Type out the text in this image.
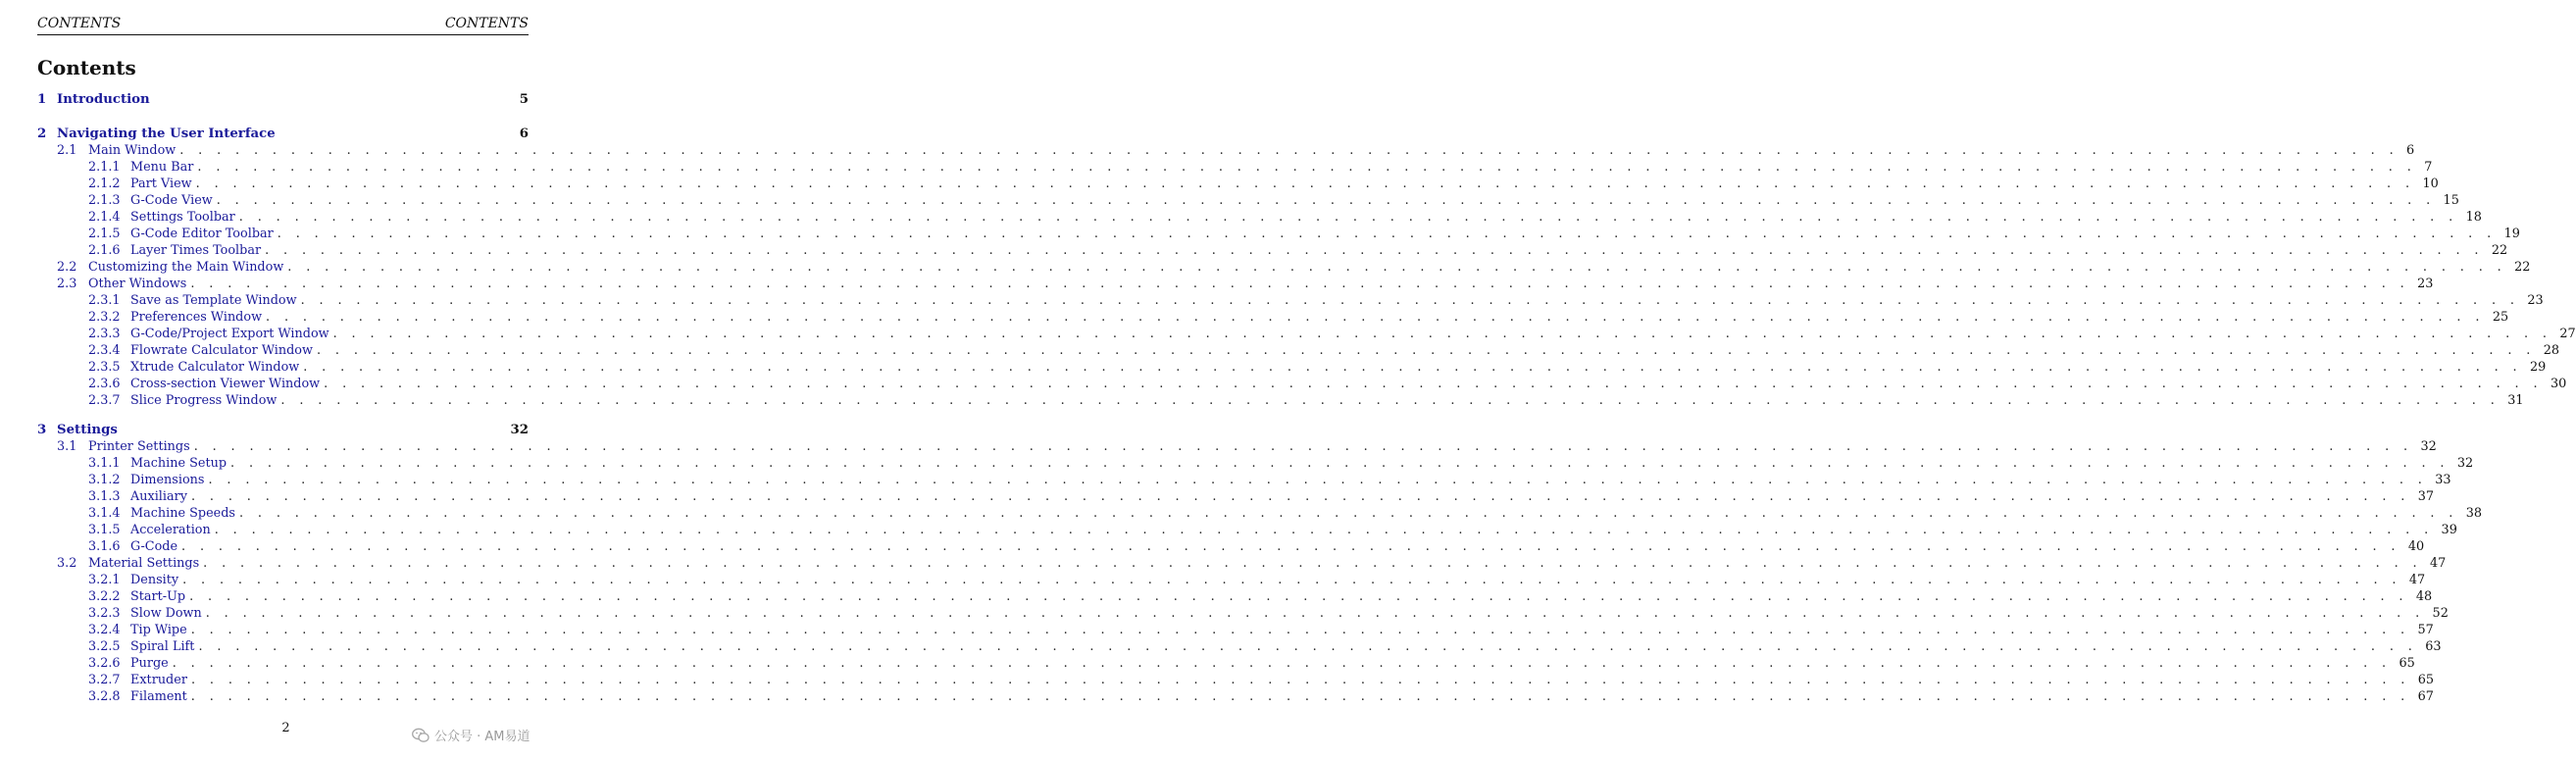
CONTENTS	CONTENTS
Contents
1 Introduction	5
2 Navigating the User Interface	6
2.1 Main Window . . . . . . . . . . . . . . . . . . . . . . . . . . . . . . . . . . . . . . . . . . . . . . . . . . . . . . . . . . . . . . . . . . . . . . . . . . . . . . . . . . . . . . . . . . . . . . . . . . . . . . . . . . . . . . . . . . . . . . . . 6
2.1.1 Menu Bar . . . . . . . . . . . . . . . . . . . . . . . . . . . . . . . . . . . . . . . . . . . . . . . . . . . . . . . . . . . . . . . . . . . . . . . . . . . . . . . . . . . . . . . . . . . . . . . . . . . . . . . . . . . . . . . . . . . . . . . . 7
2.1.2 Part View . . . . . . . . . . . . . . . . . . . . . . . . . . . . . . . . . . . . . . . . . . . . . . . . . . . . . . . . . . . . . . . . . . . . . . . . . . . . . . . . . . . . . . . . . . . . . . . . . . . . . . . . . . . . . . . . . . . . . . . . 10
2.1.3 G-Code View . . . . . . . . . . . . . . . . . . . . . . . . . . . . . . . . . . . . . . . . . . . . . . . . . . . . . . . . . . . . . . . . . . . . . . . . . . . . . . . . . . . . . . . . . . . . . . . . . . . . . . . . . . . . . . . . . . . . . . . . 15
2.1.4 Settings Toolbar . . . . . . . . . . . . . . . . . . . . . . . . . . . . . . . . . . . . . . . . . . . . . . . . . . . . . . . . . . . . . . . . . . . . . . . . . . . . . . . . . . . . . . . . . . . . . . . . . . . . . . . . . . . . . . . . . . . . . . . . 18
2.1.5 G-Code Editor Toolbar . . . . . . . . . . . . . . . . . . . . . . . . . . . . . . . . . . . . . . . . . . . . . . . . . . . . . . . . . . . . . . . . . . . . . . . . . . . . . . . . . . . . . . . . . . . . . . . . . . . . . . . . . . . . . . . . . . . . . . . . 19
2.1.6 Layer Times Toolbar . . . . . . . . . . . . . . . . . . . . . . . . . . . . . . . . . . . . . . . . . . . . . . . . . . . . . . . . . . . . . . . . . . . . . . . . . . . . . . . . . . . . . . . . . . . . . . . . . . . . . . . . . . . . . . . . . . . . . . . . 22
2.2 Customizing the Main Window . . . . . . . . . . . . . . . . . . . . . . . . . . . . . . . . . . . . . . . . . . . . . . . . . . . . . . . . . . . . . . . . . . . . . . . . . . . . . . . . . . . . . . . . . . . . . . . . . . . . . . . . . . . . . . . . . . . . . . . . 22
2.3 Other Windows . . . . . . . . . . . . . . . . . . . . . . . . . . . . . . . . . . . . . . . . . . . . . . . . . . . . . . . . . . . . . . . . . . . . . . . . . . . . . . . . . . . . . . . . . . . . . . . . . . . . . . . . . . . . . . . . . . . . . . . . 23
2.3.1 Save as Template Window . . . . . . . . . . . . . . . . . . . . . . . . . . . . . . . . . . . . . . . . . . . . . . . . . . . . . . . . . . . . . . . . . . . . . . . . . . . . . . . . . . . . . . . . . . . . . . . . . . . . . . . . . . . . . . . . . . . . . . . . 23
2.3.2 Preferences Window . . . . . . . . . . . . . . . . . . . . . . . . . . . . . . . . . . . . . . . . . . . . . . . . . . . . . . . . . . . . . . . . . . . . . . . . . . . . . . . . . . . . . . . . . . . . . . . . . . . . . . . . . . . . . . . . . . . . . . . . 25
2.3.3 G-Code/Project Export Window . . . . . . . . . . . . . . . . . . . . . . . . . . . . . . . . . . . . . . . . . . . . . . . . . . . . . . . . . . . . . . . . . . . . . . . . . . . . . . . . . . . . . . . . . . . . . . . . . . . . . . . . . . . . . . . . . . . . . . . . 27
2.3.4 Flowrate Calculator Window . . . . . . . . . . . . . . . . . . . . . . . . . . . . . . . . . . . . . . . . . . . . . . . . . . . . . . . . . . . . . . . . . . . . . . . . . . . . . . . . . . . . . . . . . . . . . . . . . . . . . . . . . . . . . . . . . . . . . . . . 28
2.3.5 Xtrude Calculator Window . . . . . . . . . . . . . . . . . . . . . . . . . . . . . . . . . . . . . . . . . . . . . . . . . . . . . . . . . . . . . . . . . . . . . . . . . . . . . . . . . . . . . . . . . . . . . . . . . . . . . . . . . . . . . . . . . . . . . . . . 29
2.3.6 Cross-section Viewer Window . . . . . . . . . . . . . . . . . . . . . . . . . . . . . . . . . . . . . . . . . . . . . . . . . . . . . . . . . . . . . . . . . . . . . . . . . . . . . . . . . . . . . . . . . . . . . . . . . . . . . . . . . . . . . . . . . . . . . . . . 30
2.3.7 Slice Progress Window . . . . . . . . . . . . . . . . . . . . . . . . . . . . . . . . . . . . . . . . . . . . . . . . . . . . . . . . . . . . . . . . . . . . . . . . . . . . . . . . . . . . . . . . . . . . . . . . . . . . . . . . . . . . . . . . . . . . . . . . 31
3 Settings	32
3.1 Printer Settings . . . . . . . . . . . . . . . . . . . . . . . . . . . . . . . . . . . . . . . . . . . . . . . . . . . . . . . . . . . . . . . . . . . . . . . . . . . . . . . . . . . . . . . . . . . . . . . . . . . . . . . . . . . . . . . . . . . . . . . . 32
3.1.1 Machine Setup . . . . . . . . . . . . . . . . . . . . . . . . . . . . . . . . . . . . . . . . . . . . . . . . . . . . . . . . . . . . . . . . . . . . . . . . . . . . . . . . . . . . . . . . . . . . . . . . . . . . . . . . . . . . . . . . . . . . . . . . 32
3.1.2 Dimensions . . . . . . . . . . . . . . . . . . . . . . . . . . . . . . . . . . . . . . . . . . . . . . . . . . . . . . . . . . . . . . . . . . . . . . . . . . . . . . . . . . . . . . . . . . . . . . . . . . . . . . . . . . . . . . . . . . . . . . . . 33
3.1.3 Auxiliary . . . . . . . . . . . . . . . . . . . . . . . . . . . . . . . . . . . . . . . . . . . . . . . . . . . . . . . . . . . . . . . . . . . . . . . . . . . . . . . . . . . . . . . . . . . . . . . . . . . . . . . . . . . . . . . . . . . . . . . . 37
3.1.4 Machine Speeds . . . . . . . . . . . . . . . . . . . . . . . . . . . . . . . . . . . . . . . . . . . . . . . . . . . . . . . . . . . . . . . . . . . . . . . . . . . . . . . . . . . . . . . . . . . . . . . . . . . . . . . . . . . . . . . . . . . . . . . . 38
3.1.5 Acceleration . . . . . . . . . . . . . . . . . . . . . . . . . . . . . . . . . . . . . . . . . . . . . . . . . . . . . . . . . . . . . . . . . . . . . . . . . . . . . . . . . . . . . . . . . . . . . . . . . . . . . . . . . . . . . . . . . . . . . . . . 39
3.1.6 G-Code . . . . . . . . . . . . . . . . . . . . . . . . . . . . . . . . . . . . . . . . . . . . . . . . . . . . . . . . . . . . . . . . . . . . . . . . . . . . . . . . . . . . . . . . . . . . . . . . . . . . . . . . . . . . . . . . . . . . . . . . 40
3.2 Material Settings . . . . . . . . . . . . . . . . . . . . . . . . . . . . . . . . . . . . . . . . . . . . . . . . . . . . . . . . . . . . . . . . . . . . . . . . . . . . . . . . . . . . . . . . . . . . . . . . . . . . . . . . . . . . . . . . . . . . . . . . 47
3.2.1 Density . . . . . . . . . . . . . . . . . . . . . . . . . . . . . . . . . . . . . . . . . . . . . . . . . . . . . . . . . . . . . . . . . . . . . . . . . . . . . . . . . . . . . . . . . . . . . . . . . . . . . . . . . . . . . . . . . . . . . . . . 47
3.2.2 Start-Up . . . . . . . . . . . . . . . . . . . . . . . . . . . . . . . . . . . . . . . . . . . . . . . . . . . . . . . . . . . . . . . . . . . . . . . . . . . . . . . . . . . . . . . . . . . . . . . . . . . . . . . . . . . . . . . . . . . . . . . . 48
3.2.3 Slow Down . . . . . . . . . . . . . . . . . . . . . . . . . . . . . . . . . . . . . . . . . . . . . . . . . . . . . . . . . . . . . . . . . . . . . . . . . . . . . . . . . . . . . . . . . . . . . . . . . . . . . . . . . . . . . . . . . . . . . . . . 52
3.2.4 Tip Wipe . . . . . . . . . . . . . . . . . . . . . . . . . . . . . . . . . . . . . . . . . . . . . . . . . . . . . . . . . . . . . . . . . . . . . . . . . . . . . . . . . . . . . . . . . . . . . . . . . . . . . . . . . . . . . . . . . . . . . . . . 57
3.2.5 Spiral Lift . . . . . . . . . . . . . . . . . . . . . . . . . . . . . . . . . . . . . . . . . . . . . . . . . . . . . . . . . . . . . . . . . . . . . . . . . . . . . . . . . . . . . . . . . . . . . . . . . . . . . . . . . . . . . . . . . . . . . . . . 63
3.2.6 Purge . . . . . . . . . . . . . . . . . . . . . . . . . . . . . . . . . . . . . . . . . . . . . . . . . . . . . . . . . . . . . . . . . . . . . . . . . . . . . . . . . . . . . . . . . . . . . . . . . . . . . . . . . . . . . . . . . . . . . . . . 65
3.2.7 Extruder . . . . . . . . . . . . . . . . . . . . . . . . . . . . . . . . . . . . . . . . . . . . . . . . . . . . . . . . . . . . . . . . . . . . . . . . . . . . . . . . . . . . . . . . . . . . . . . . . . . . . . . . . . . . . . . . . . . . . . . . 65
3.2.8 Filament . . . . . . . . . . . . . . . . . . . . . . . . . . . . . . . . . . . . . . . . . . . . . . . . . . . . . . . . . . . . . . . . . . . . . . . . . . . . . . . . . . . . . . . . . . . . . . . . . . . . . . . . . . . . . . . . . . . . . . . . 67
2
公众号 · AM易道
